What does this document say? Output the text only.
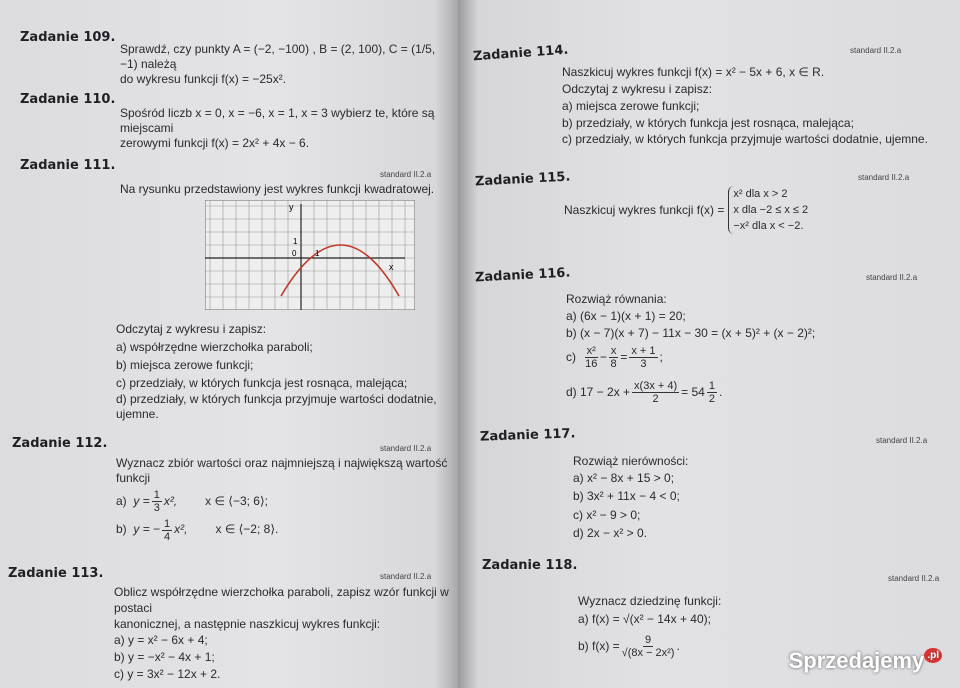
Zadanie 109.
Sprawdź, czy punkty A = (−2, −100) , B = (2, 100), C = (1/5, −1) należą
do wykresu funkcji f(x) = −25x².
Zadanie 110.
Spośród liczb x = 0, x = −6, x = 1, x = 3 wybierz te, które są miejscami
zerowymi funkcji f(x) = 2x² + 4x − 6.
Zadanie 111.
standard II.2.a
Na rysunku przedstawiony jest wykres funkcji kwadratowej.
y
x
0 1
1
Odczytaj z wykresu i zapisz:
a) współrzędne wierzchołka paraboli;
b) miejsca zerowe funkcji;
c) przedziały, w których funkcja jest rosnąca, malejąca;
d) przedziały, w których funkcja przyjmuje wartości dodatnie, ujemne.
Zadanie 112.	standard II.2.a
Wyznacz zbiór wartości oraz najmniejszą i największą wartość funkcji
a) $y = \frac{1}{3} x^2$, x ∈ ⟨−3; 6⟩;
b) y = − $\frac{1}{4} x^2$, x ∈ ⟨−2; 8⟩.
Zadanie 113.	standard II.2.a
Oblicz współrzędne wierzchołka paraboli, zapisz wzór funkcji w postaci
kanonicznej, a następnie naszkicuj wykres funkcji:
a) y = x² − 6x + 4;
b) y = −x² − 4x + 1;
c) y = 3x² − 12x + 2.
Zadanie 114.	standard II.2.a
Naszkicuj wykres funkcji f(x) = x² − 5x + 6, x ∈ R.
Odczytaj z wykresu i zapisz:
a) miejsca zerowe funkcji;
b) przedziały, w których funkcja jest rosnąca, malejąca;
c) przedziały, w których funkcja przyjmuje wartości dodatnie, ujemne.
Zadanie 115.	standard II.2.a
Naszkicuj wykres funkcji f(x) =
x² dla x > 2
x dla −2 ≤ x ≤ 2
−x² dla x < −2.
Zadanie 116.	standard II.2.a
Rozwiąż równania:
a) (6x − 1)(x + 1) = 20;
b) (x − 7)(x + 7) − 11x − 30 = (x + 5)² + (x − 2)²;
$c) \frac{\text{x²}}{16} - \frac{x}{8} = \frac{x + 1}{3}$ ;
d) $17 - 2x + \frac{x(3x + 4)}{2} = 54 \frac{1}{2}$ .
Zadanie 117.	standard II.2.a
Rozwiąż nierówności:
a) x² − 8x + 15 > 0;
b) 3x² + 11x − 4 < 0;
c) x² − 9 > 0;
d) 2x − x² > 0.
Zadanie 118.
standard II.2.a
Wyznacz dziedzinę funkcji:
a) f(x) = √(x² − 14x + 40);
b) $f(x) = \frac{9}{\text{√(8x − 2x²)}}$ .
Sprzedajemy .pl
